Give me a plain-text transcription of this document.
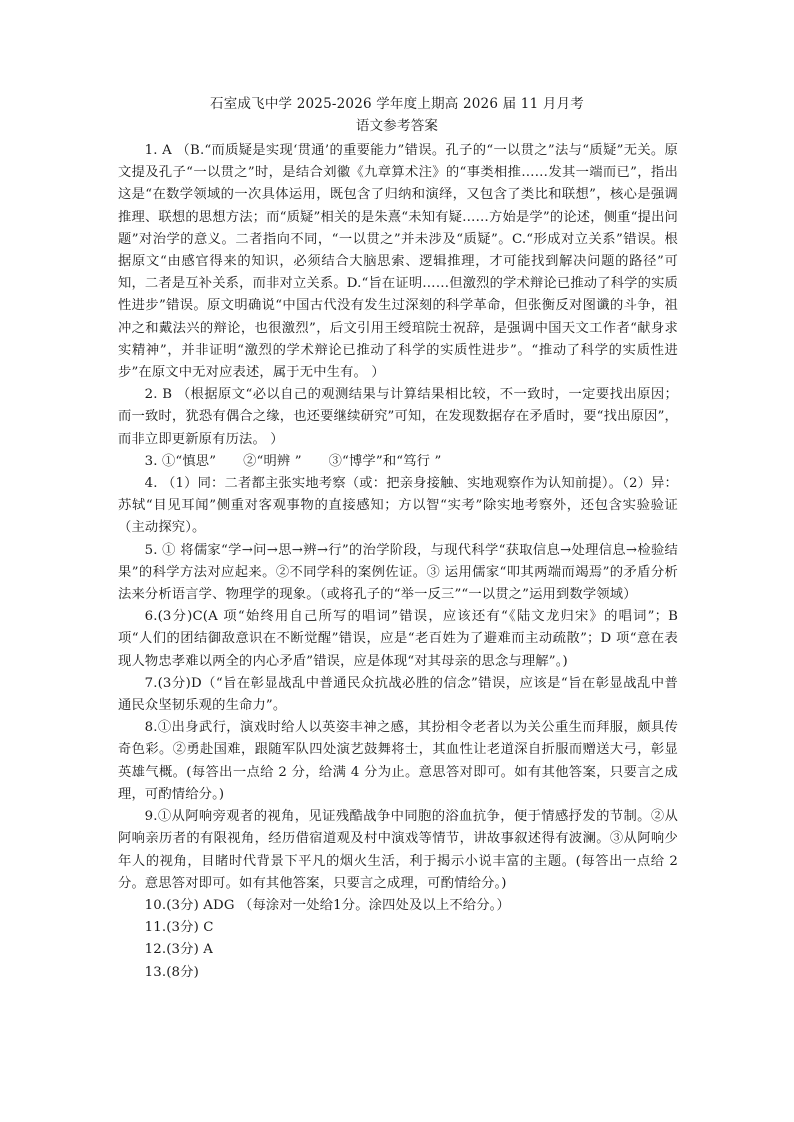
石室成飞中学 2025-2026 学年度上期高 2026 届 11 月月考
语文参考答案

1. A （B.“而质疑是实现‘贯通’的重要能力”错误。孔子的“一以贯之”法与“质疑”无关。原文提及孔子“一以贯之”时，是结合刘徽《九章算术注》的“事类相推……发其一端而已”，指出这是“在数学领域的一次具体运用，既包含了归纳和演绎，又包含了类比和联想”，核心是强调推理、联想的思想方法；而“质疑”相关的是朱熹“未知有疑……方始是学”的论述，侧重“提出问题”对治学的意义。二者指向不同，“一以贯之”并未涉及“质疑”。C.“形成对立关系”错误。根据原文“由感官得来的知识，必须结合大脑思索、逻辑推理，才可能找到解决问题的路径”可知，二者是互补关系，而非对立关系。D.“旨在证明……但激烈的学术辩论已推动了科学的实质性进步”错误。原文明确说“中国古代没有发生过深刻的科学革命，但张衡反对图谶的斗争，祖冲之和戴法兴的辩论，也很激烈”，后文引用王绶琯院士祝辞，是强调中国天文工作者“献身求实精神”，并非证明“激烈的学术辩论已推动了科学的实质性进步”。“推动了科学的实质性进步”在原文中无对应表述，属于无中生有。 ）

2. B （根据原文“必以自己的观测结果与计算结果相比较，不一致时，一定要找出原因；而一致时，犹恐有偶合之缘，也还要继续研究”可知，在发现数据存在矛盾时，要“找出原因”，而非立即更新原有历法。 ）

3. ①“慎思”　　②“明辨 ”　　③“博学”和“笃行 ”

4. （1）同：二者都主张实地考察（或：把亲身接触、实地观察作为认知前提）。（2）异：苏轼“目见耳闻”侧重对客观事物的直接感知；方以智“实考”除实地考察外，还包含实验验证（主动探究）。

5. ① 将儒家“学→问→思→辨→行”的治学阶段，与现代科学“获取信息→处理信息→检验结果”的科学方法对应起来。②不同学科的案例佐证。③ 运用儒家“叩其两端而竭焉”的矛盾分析法来分析语言学、物理学的现象。（或将孔子的“举一反三”“一以贯之”运用到数学领域）

6.(3分)C(A 项“始终用自己所写的唱词”错误，应该还有“《陆文龙归宋》的唱词”；B 项“人们的团结御敌意识在不断觉醒”错误，应是“老百姓为了避难而主动疏散”；D 项“意在表现人物忠孝难以两全的内心矛盾”错误，应是体现“对其母亲的思念与理解”。)

7.(3分)D（“旨在彰显战乱中普通民众抗战必胜的信念”错误，应该是“旨在彰显战乱中普通民众坚韧乐观的生命力”。

8.①出身武行，演戏时给人以英姿丰神之感，其扮相令老者以为关公重生而拜服，颇具传奇色彩。②勇赴国难，跟随军队四处演艺鼓舞将士，其血性让老道深自折服而赠送大弓，彰显英雄气概。(每答出一点给 2 分，给满 4 分为止。意思答对即可。如有其他答案，只要言之成理，可酌情给分。)

9.①从阿响旁观者的视角，见证残酷战争中同胞的浴血抗争，便于情感抒发的节制。②从阿响亲历者的有限视角，经历借宿道观及村中演戏等情节，讲故事叙述得有波澜。③从阿响少年人的视角，目睹时代背景下平凡的烟火生活，利于揭示小说丰富的主题。(每答出一点给 2 分。意思答对即可。如有其他答案，只要言之成理，可酌情给分。)

10.(3分) ADG （每涂对一处给1分。涂四处及以上不给分。）

11.(3分) C

12.(3分) A

13.(8分)
